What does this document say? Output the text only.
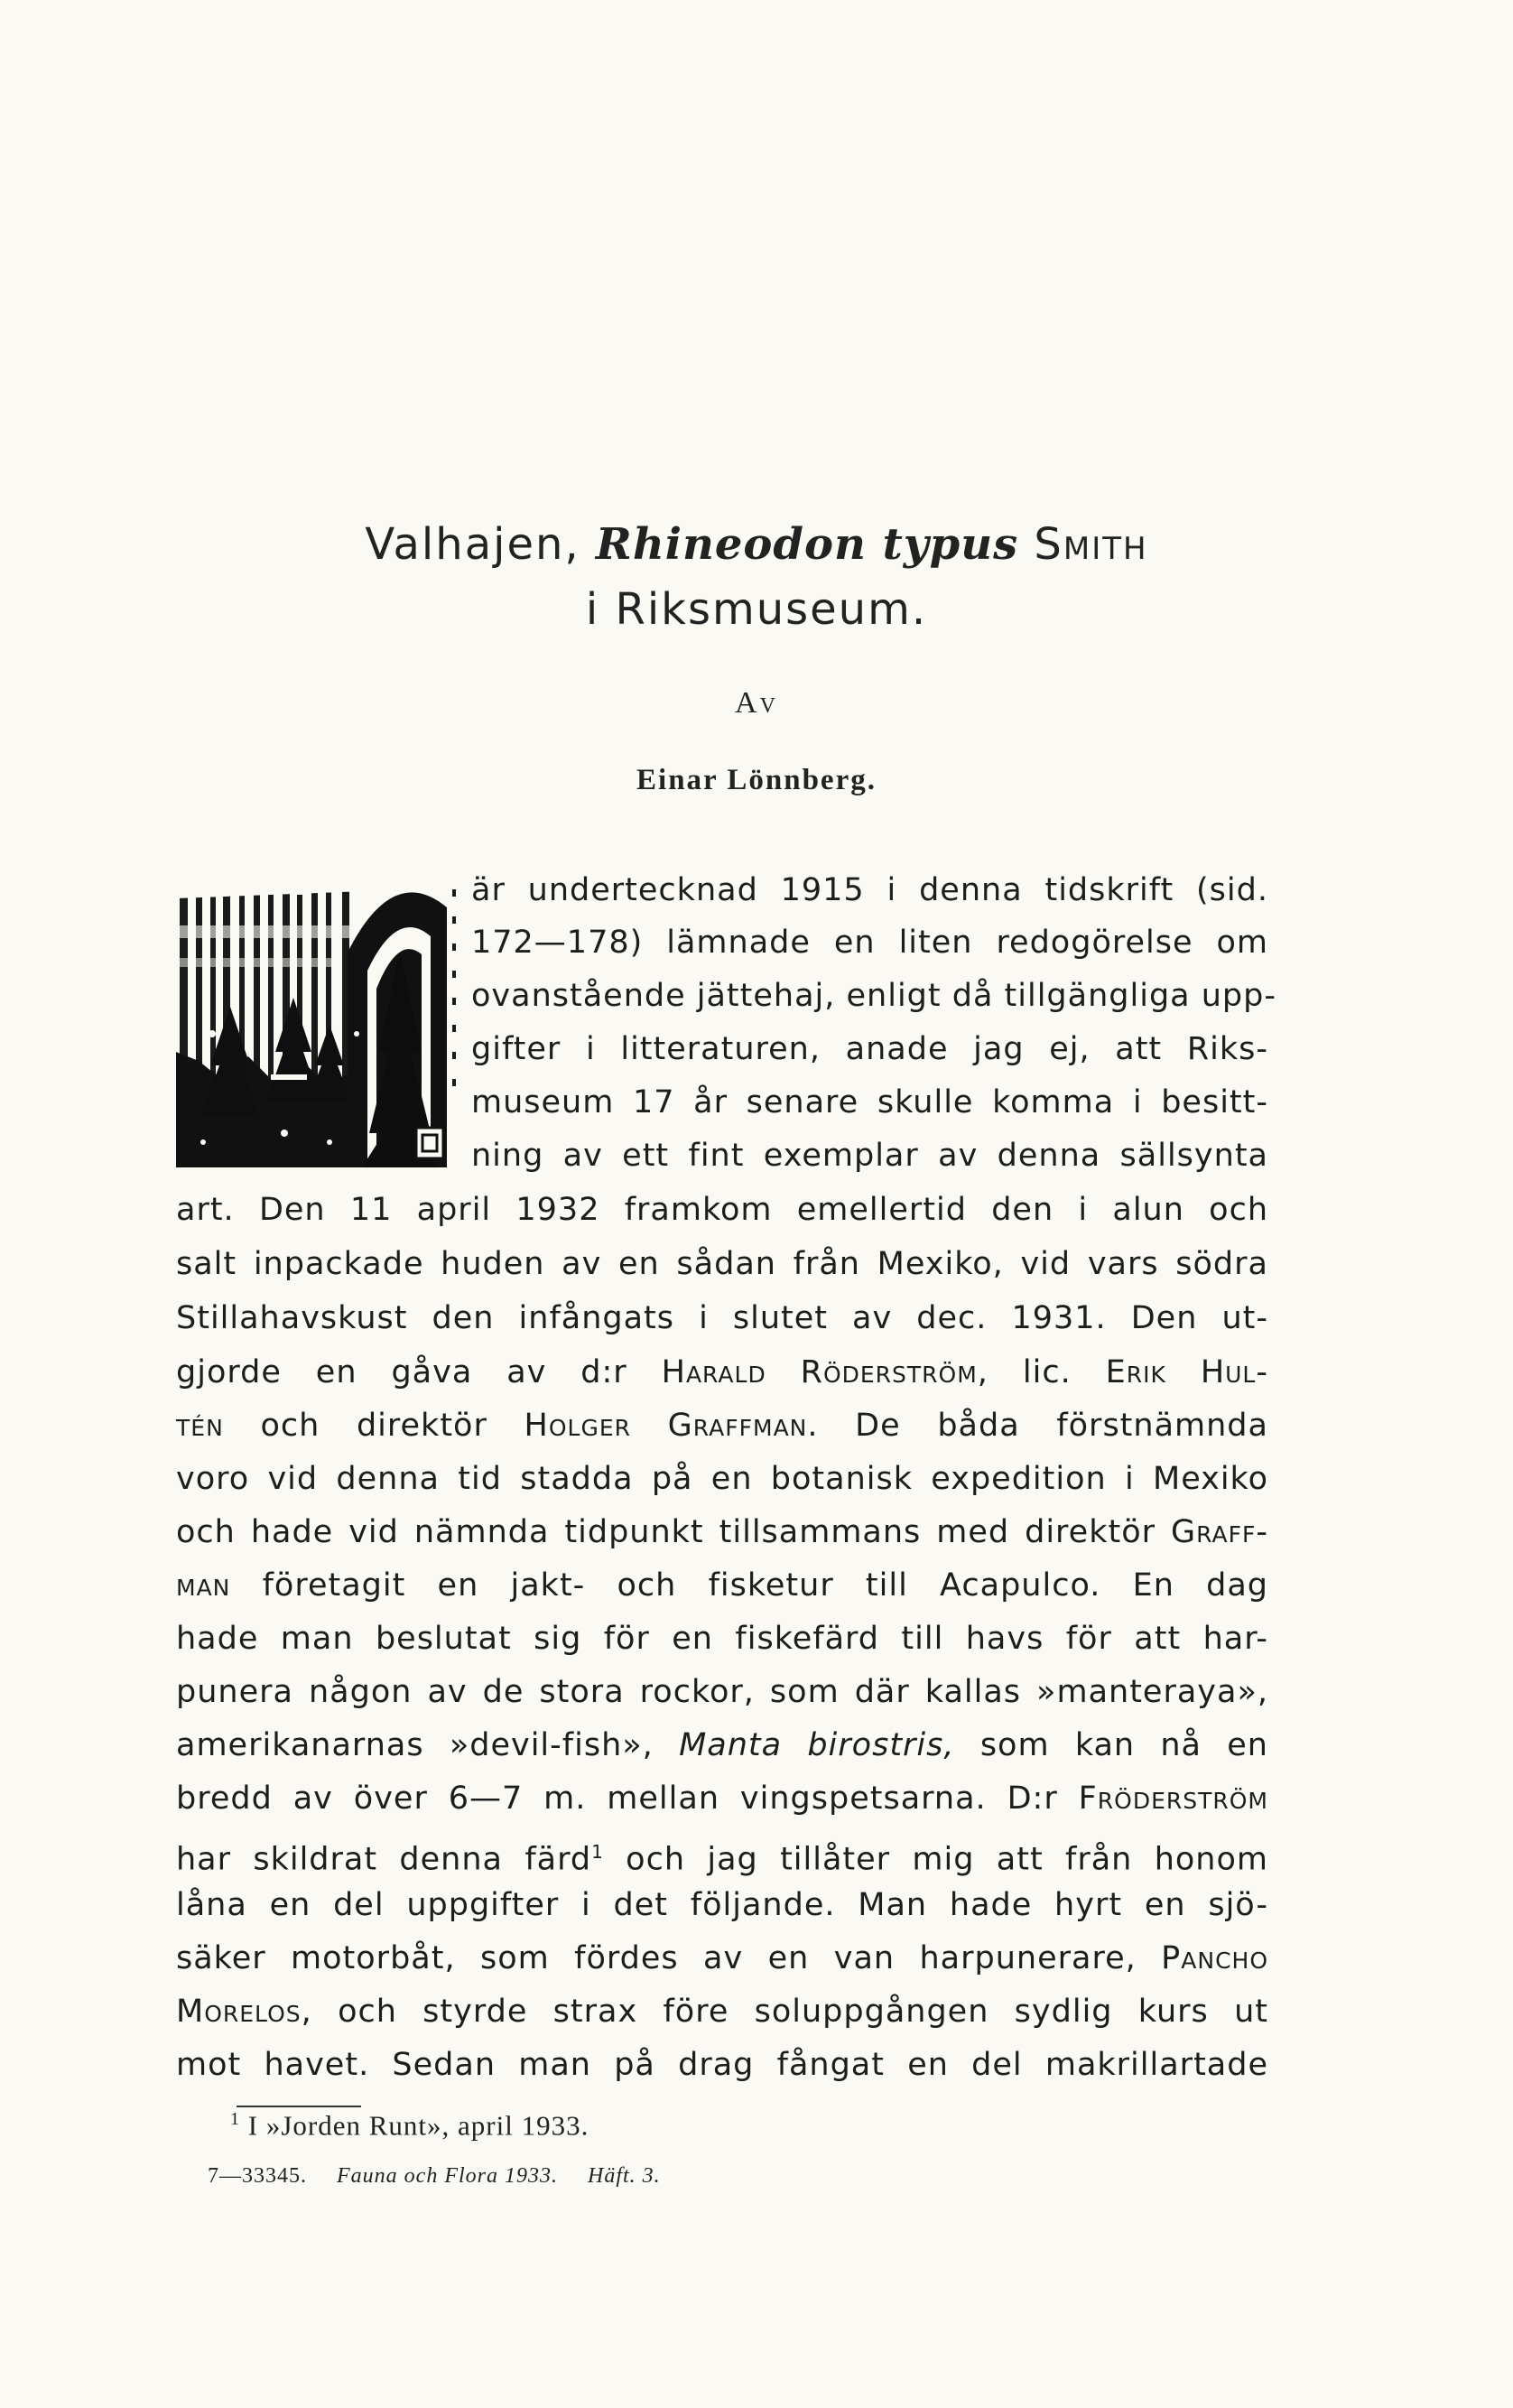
Valhajen, Rhineodon typus Smith
i Riksmuseum.
Av
Einar Lönnberg.
är undertecknad 1915 i denna tidskrift (sid.
172—178) lämnade en liten redogörelse om
ovanstående jättehaj, enligt då tillgängliga upp-
gifter i litteraturen, anade jag ej, att Riks-
museum 17 år senare skulle komma i besitt-
ning av ett fint exemplar av denna sällsynta
art. Den 11 april 1932 framkom emellertid den i alun och
salt inpackade huden av en sådan från Mexiko, vid vars södra
Stillahavskust den infångats i slutet av dec. 1931. Den ut-
gjorde en gåva av d:r Harald Röderström, lic. Erik Hul-
tén och direktör Holger Graffman. De båda förstnämnda
voro vid denna tid stadda på en botanisk expedition i Mexiko
och hade vid nämnda tidpunkt tillsammans med direktör Graff-
man företagit en jakt- och fisketur till Acapulco. En dag
hade man beslutat sig för en fiskefärd till havs för att har-
punera någon av de stora rockor, som där kallas »manteraya»,
amerikanarnas »devil-fish», Manta birostris, som kan nå en
bredd av över 6—7 m. mellan vingspetsarna. D:r Fröderström
har skildrat denna färd$^1$ och jag tillåter mig att från honom
låna en del uppgifter i det följande. Man hade hyrt en sjö-
säker motorbåt, som fördes av en van harpunerare, Pancho
Morelos, och styrde strax före soluppgången sydlig kurs ut
mot havet. Sedan man på drag fångat en del makrillartade
$^1$ I »Jorden Runt», april 1933.
7—33345. Fauna och Flora 1933. Häft. 3.
